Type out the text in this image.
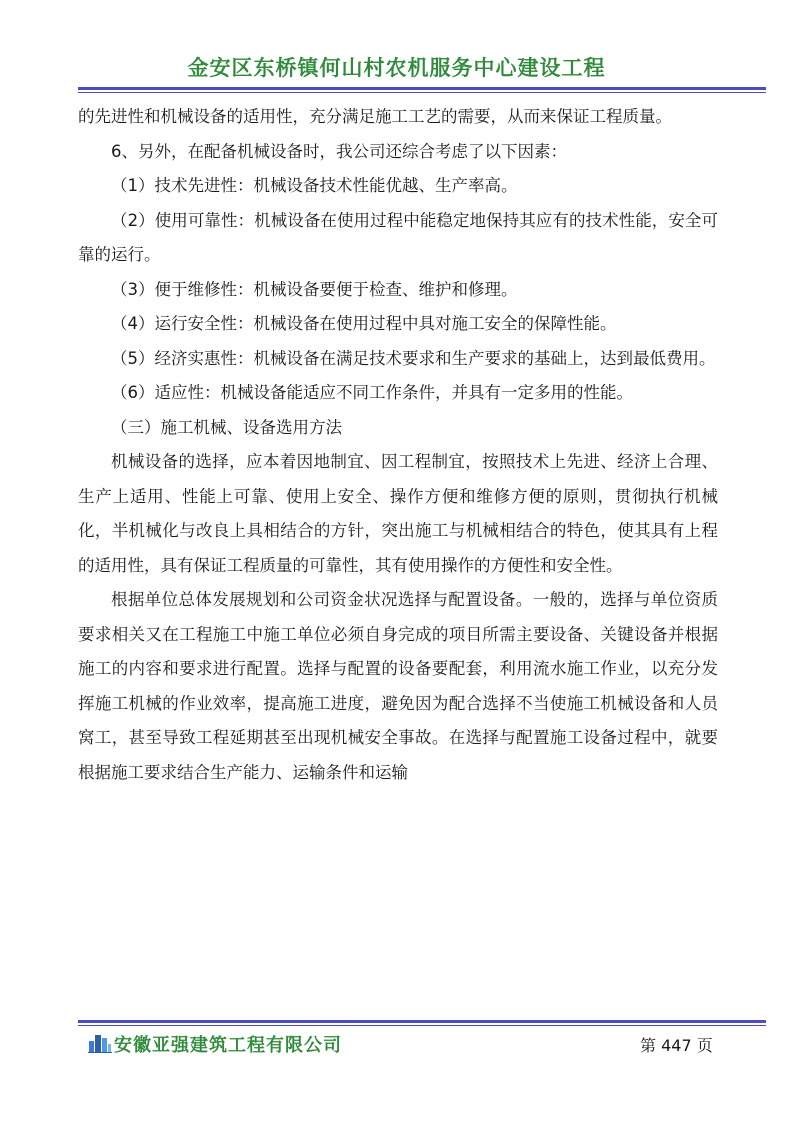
金安区东桥镇何山村农机服务中心建设工程

的先进性和机械设备的适用性，充分满足施工工艺的需要，从而来保证工程质量。

6、另外，在配备机械设备时，我公司还综合考虑了以下因素：

（1）技术先进性：机械设备技术性能优越、生产率高。

（2）使用可靠性：机械设备在使用过程中能稳定地保持其应有的技术性能，安全可靠的运行。

（3）便于维修性：机械设备要便于检查、维护和修理。

（4）运行安全性：机械设备在使用过程中具对施工安全的保障性能。

（5）经济实惠性：机械设备在满足技术要求和生产要求的基础上，达到最低费用。

（6）适应性：机械设备能适应不同工作条件，并具有一定多用的性能。

（三）施工机械、设备选用方法

机械设备的选择，应本着因地制宜、因工程制宜，按照技术上先进、经济上合理、生产上适用、性能上可靠、使用上安全、操作方便和维修方便的原则，贯彻执行机械化，半机械化与改良上具相结合的方针，突出施工与机械相结合的特色，使其具有上程的适用性，具有保证工程质量的可靠性，其有使用操作的方便性和安全性。

根据单位总体发展规划和公司资金状况选择与配置设备。一般的，选择与单位资质要求相关又在工程施工中施工单位必须自身完成的项目所需主要设备、关键设备并根据施工的内容和要求进行配置。选择与配置的设备要配套，利用流水施工作业，以充分发挥施工机械的作业效率，提高施工进度，避免因为配合选择不当使施工机械设备和人员窝工，甚至导致工程延期甚至出现机械安全事故。在选择与配置施工设备过程中，就要根据施工要求结合生产能力、运输条件和运输

安徽亚强建筑工程有限公司	第 447 页
